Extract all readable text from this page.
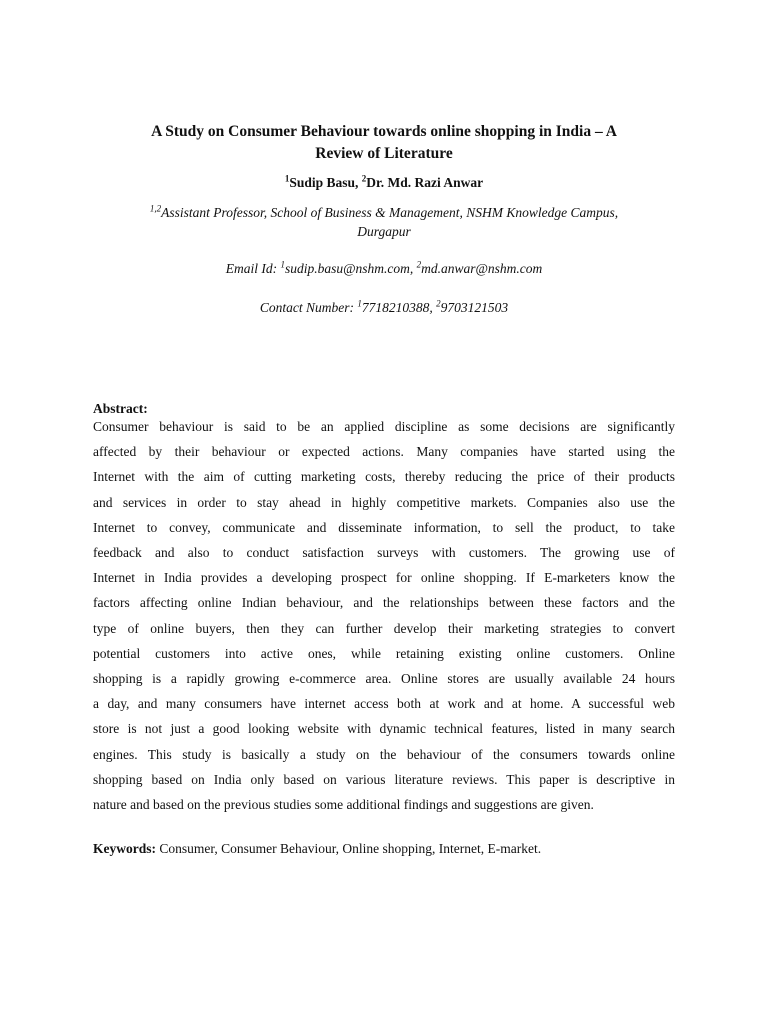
A Study on Consumer Behaviour towards online shopping in India – A
Review of Literature
$^1$Sudip Basu, $^2$Dr. Md. Razi Anwar
$^{1,2}$Assistant Professor, School of Business & Management, NSHM Knowledge Campus,
Durgapur
Email Id: $^1$sudip.basu@nshm.com, $^2$md.anwar@nshm.com
Contact Number: $^1$7718210388, $^2$9703121503
Abstract:
Consumer behaviour is said to be an applied discipline as some decisions are significantly
affected by their behaviour or expected actions. Many companies have started using the
Internet with the aim of cutting marketing costs, thereby reducing the price of their products
and services in order to stay ahead in highly competitive markets. Companies also use the
Internet to convey, communicate and disseminate information, to sell the product, to take
feedback and also to conduct satisfaction surveys with customers. The growing use of
Internet in India provides a developing prospect for online shopping. If E-marketers know the
factors affecting online Indian behaviour, and the relationships between these factors and the
type of online buyers, then they can further develop their marketing strategies to convert
potential customers into active ones, while retaining existing online customers. Online
shopping is a rapidly growing e-commerce area. Online stores are usually available 24 hours
a day, and many consumers have internet access both at work and at home. A successful web
store is not just a good looking website with dynamic technical features, listed in many search
engines. This study is basically a study on the behaviour of the consumers towards online
shopping based on India only based on various literature reviews. This paper is descriptive in
nature and based on the previous studies some additional findings and suggestions are given.
Keywords: Consumer, Consumer Behaviour, Online shopping, Internet, E-market.
